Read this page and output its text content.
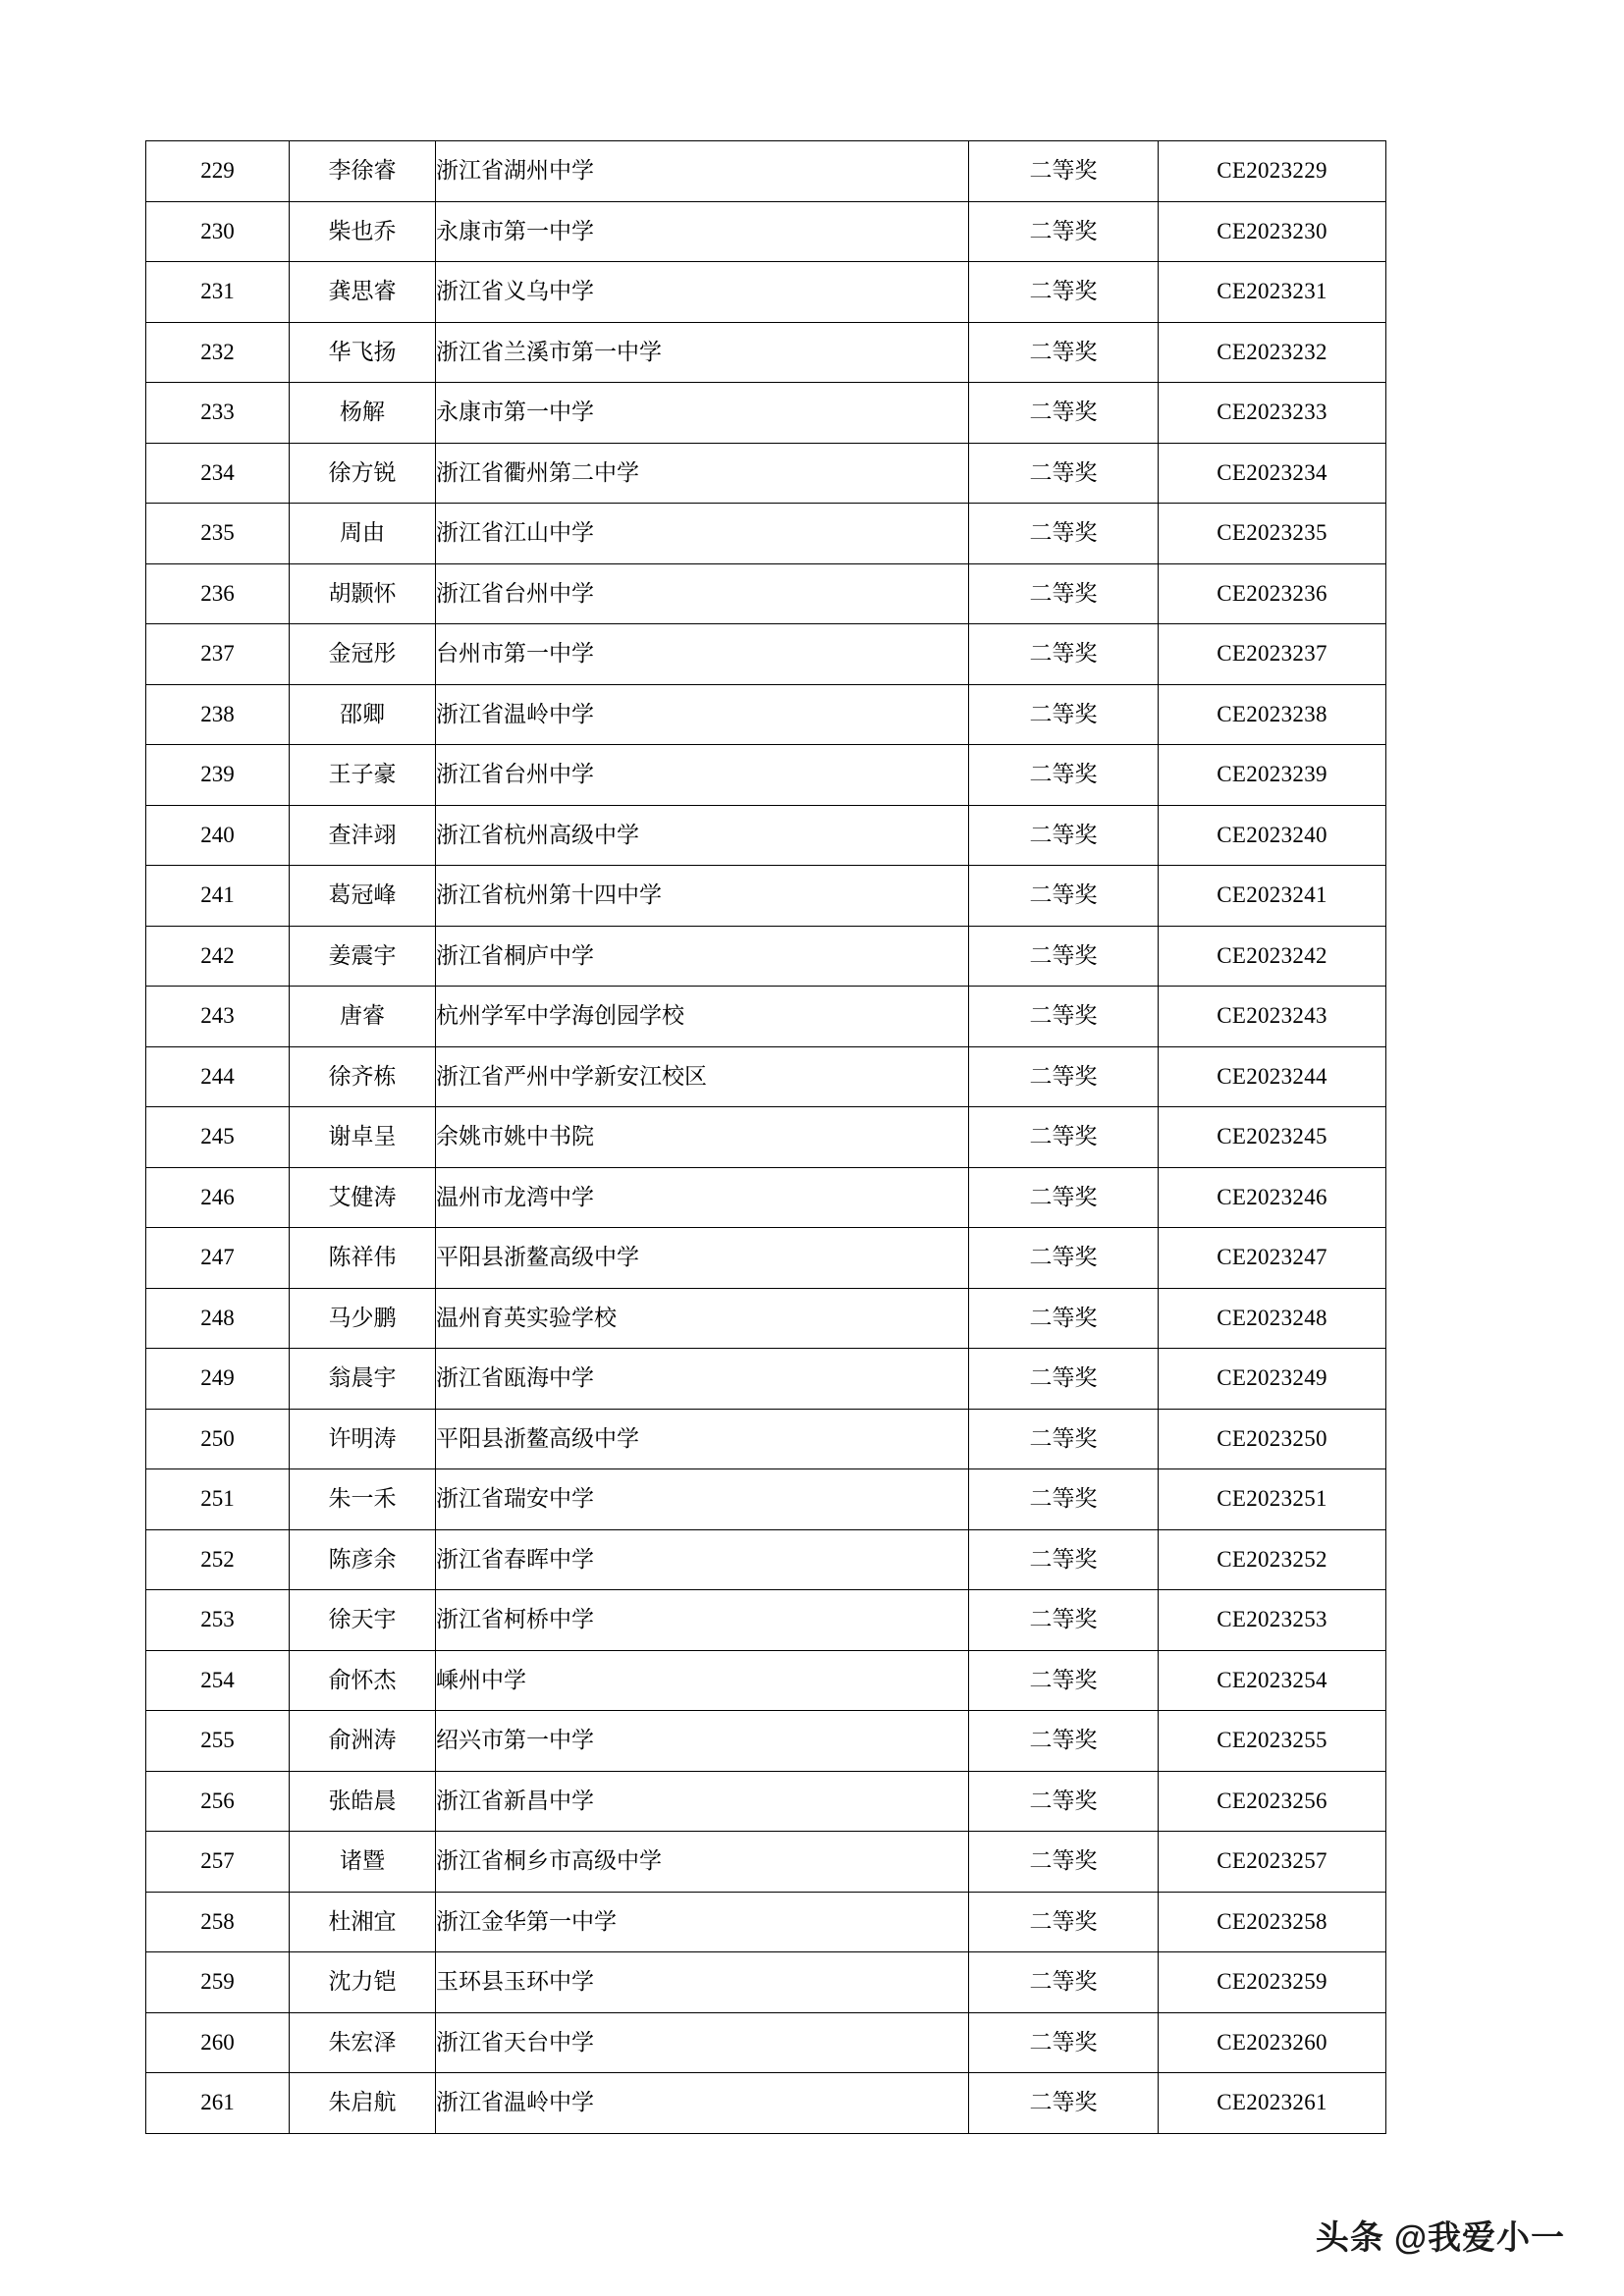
229	李徐睿	浙江省湖州中学	二等奖	CE2023229
230	柴也乔	永康市第一中学	二等奖	CE2023230
231	龚思睿	浙江省义乌中学	二等奖	CE2023231
232	华飞扬	浙江省兰溪市第一中学	二等奖	CE2023232
233	杨解	永康市第一中学	二等奖	CE2023233
234	徐方锐	浙江省衢州第二中学	二等奖	CE2023234
235	周由	浙江省江山中学	二等奖	CE2023235
236	胡颢怀	浙江省台州中学	二等奖	CE2023236
237	金冠彤	台州市第一中学	二等奖	CE2023237
238	邵卿	浙江省温岭中学	二等奖	CE2023238
239	王子豪	浙江省台州中学	二等奖	CE2023239
240	查沣翊	浙江省杭州高级中学	二等奖	CE2023240
241	葛冠峰	浙江省杭州第十四中学	二等奖	CE2023241
242	姜震宇	浙江省桐庐中学	二等奖	CE2023242
243	唐睿	杭州学军中学海创园学校	二等奖	CE2023243
244	徐齐栋	浙江省严州中学新安江校区	二等奖	CE2023244
245	谢卓呈	余姚市姚中书院	二等奖	CE2023245
246	艾健涛	温州市龙湾中学	二等奖	CE2023246
247	陈祥伟	平阳县浙鳌高级中学	二等奖	CE2023247
248	马少鹏	温州育英实验学校	二等奖	CE2023248
249	翁晨宇	浙江省瓯海中学	二等奖	CE2023249
250	许明涛	平阳县浙鳌高级中学	二等奖	CE2023250
251	朱一禾	浙江省瑞安中学	二等奖	CE2023251
252	陈彦余	浙江省春晖中学	二等奖	CE2023252
253	徐天宇	浙江省柯桥中学	二等奖	CE2023253
254	俞怀杰	嵊州中学	二等奖	CE2023254
255	俞洲涛	绍兴市第一中学	二等奖	CE2023255
256	张皓晨	浙江省新昌中学	二等奖	CE2023256
257	诸暨	浙江省桐乡市高级中学	二等奖	CE2023257
258	杜湘宜	浙江金华第一中学	二等奖	CE2023258
259	沈力铠	玉环县玉环中学	二等奖	CE2023259
260	朱宏泽	浙江省天台中学	二等奖	CE2023260
261	朱启航	浙江省温岭中学	二等奖	CE2023261
头条 @我爱小一
